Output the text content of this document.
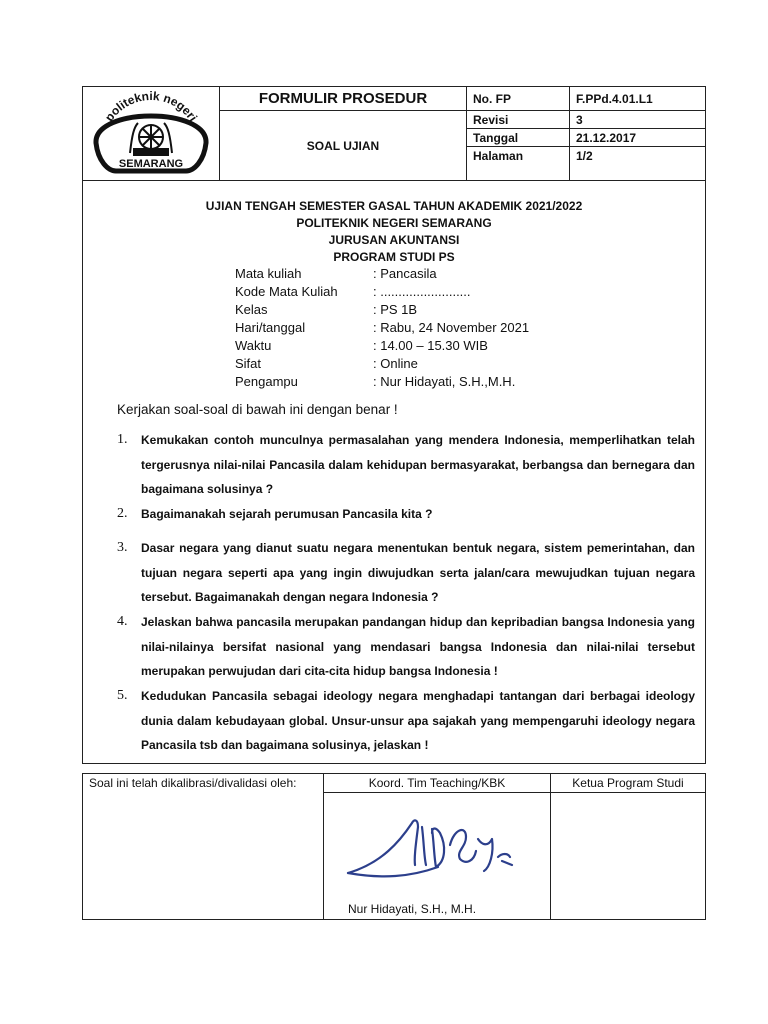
politeknik negeri
SEMARANG	FORMULIR PROSEDUR	No. FP	F.PPd.4.01.L1
	SOAL UJIAN	Revisi	3
		Tanggal	21.12.2017
		Halaman	1/2
UJIAN TENGAH SEMESTER GASAL TAHUN AKADEMIK 2021/2022
POLITEKNIK NEGERI SEMARANG
JURUSAN AKUNTANSI
PROGRAM STUDI PS
Mata kuliah	: Pancasila
Kode Mata Kuliah	: .........................
Kelas	: PS 1B
Hari/tanggal	: Rabu, 24 November 2021
Waktu	: 14.00 – 15.30 WIB
Sifat	: Online
Pengampu	: Nur Hidayati, S.H.,M.H.
Kerjakan soal-soal di bawah ini dengan benar !
1. Kemukakan contoh munculnya permasalahan yang mendera Indonesia, memperlihatkan telah tergerusnya nilai-nilai Pancasila dalam kehidupan bermasyarakat, berbangsa dan bernegara dan bagaimana solusinya ?
2. Bagaimanakah sejarah perumusan Pancasila kita ?
3. Dasar negara yang dianut suatu negara menentukan bentuk negara, sistem pemerintahan, dan tujuan negara seperti apa yang ingin diwujudkan serta jalan/cara mewujudkan tujuan negara tersebut. Bagaimanakah dengan negara Indonesia ?
4. Jelaskan bahwa pancasila merupakan pandangan hidup dan kepribadian bangsa Indonesia yang nilai-nilainya bersifat nasional yang mendasari bangsa Indonesia dan nilai-nilai tersebut merupakan perwujudan dari cita-cita hidup bangsa Indonesia !
5. Kedudukan Pancasila sebagai ideology negara menghadapi tantangan dari berbagai ideology dunia dalam kebudayaan global. Unsur-unsur apa sajakah yang mempengaruhi ideology negara Pancasila tsb dan bagaimana solusinya, jelaskan !
Soal ini telah dikalibrasi/divalidasi oleh:	Koord. Tim Teaching/KBK	Ketua Program Studi

	Nur Hidayati, S.H., M.H.	
